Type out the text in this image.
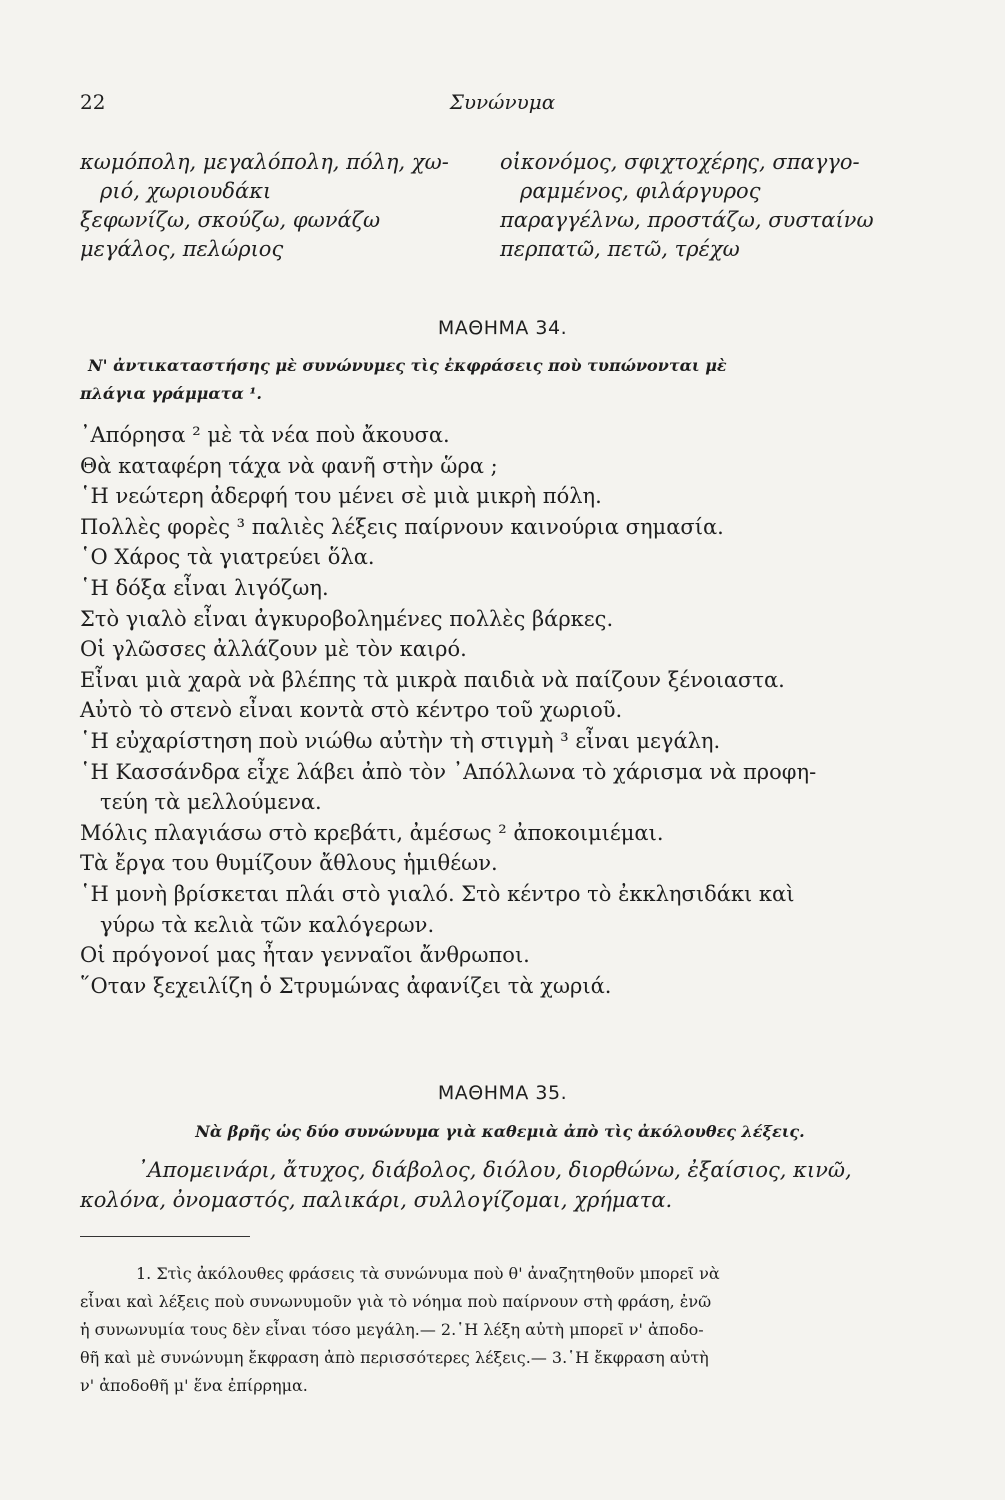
22	Συνώνυμα
κωμόπολη, μεγαλόπολη, πόλη, χω-
ριό, χωριουδάκι
ξεφωνίζω, σκούζω, φωνάζω
μεγάλος, πελώριος
οἰκονόμος, σφιχτοχέρης, σπαγγο-
ραμμένος, φιλάργυρος
παραγγέλνω, προστάζω, συσταίνω
περπατῶ, πετῶ, τρέχω
ΜΑΘΗΜΑ 34.
Ν' ἀντικαταστήσης μὲ συνώνυμες τὶς ἐκφράσεις ποὺ τυπώνονται μὲ
πλάγια γράμματα ¹.
᾿Απόρησα ² μὲ τὰ νέα ποὺ ἄκουσα.
Θὰ καταφέρη τάχα νὰ φανῆ στὴν ὥρα ;
῾Η νεώτερη ἀδερφή του μένει σὲ μιὰ μικρὴ πόλη.
Πολλὲς φορὲς ³ παλιὲς λέξεις παίρνουν καινούρια σημασία.
῾Ο Χάρος τὰ γιατρεύει ὅλα.
῾Η δόξα εἶναι λιγόζωη.
Στὸ γιαλὸ εἶναι ἀγκυροβολημένες πολλὲς βάρκες.
Οἱ γλῶσσες ἀλλάζουν μὲ τὸν καιρό.
Εἶναι μιὰ χαρὰ νὰ βλέπης τὰ μικρὰ παιδιὰ νὰ παίζουν ξένοιαστα.
Αὐτὸ τὸ στενὸ εἶναι κοντὰ στὸ κέντρο τοῦ χωριοῦ.
῾Η εὐχαρίστηση ποὺ νιώθω αὐτὴν τὴ στιγμὴ ³ εἶναι μεγάλη.
῾Η Κασσάνδρα εἶχε λάβει ἀπὸ τὸν ᾿Απόλλωνα τὸ χάρισμα νὰ προφη-
τεύη τὰ μελλούμενα.
Μόλις πλαγιάσω στὸ κρεβάτι, ἀμέσως ² ἀποκοιμιέμαι.
Τὰ ἔργα του θυμίζουν ἄθλους ἡμιθέων.
῾Η μονὴ βρίσκεται πλάι στὸ γιαλό. Στὸ κέντρο τὸ ἐκκλησιδάκι καὶ
γύρω τὰ κελιὰ τῶν καλόγερων.
Οἱ πρόγονοί μας ἦταν γενναῖοι ἄνθρωποι.
῞Οταν ξεχειλίζη ὁ Στρυμώνας ἀφανίζει τὰ χωριά.
ΜΑΘΗΜΑ 35.
Νὰ βρῆς ὡς δύο συνώνυμα γιὰ καθεμιὰ ἀπὸ τὶς ἀκόλουθες λέξεις.
᾿Απομεινάρι, ἄτυχος, διάβολος, διόλου, διορθώνω, ἐξαίσιος, κινῶ,
κολόνα, ὀνομαστός, παλικάρι, συλλογίζομαι, χρήματα.
1. Στὶς ἀκόλουθες φράσεις τὰ συνώνυμα ποὺ θ' ἀναζητηθοῦν μπορεῖ νὰ
εἶναι καὶ λέξεις ποὺ συνωνυμοῦν γιὰ τὸ νόημα ποὺ παίρνουν στὴ φράση, ἐνῶ
ἡ συνωνυμία τους δὲν εἶναι τόσο μεγάλη.— 2.῾Η λέξη αὐτὴ μπορεῖ ν' ἀποδο-
θῆ καὶ μὲ συνώνυμη ἔκφραση ἀπὸ περισσότερες λέξεις.— 3.῾Η ἔκφραση αὐτὴ
ν' ἀποδοθῆ μ' ἕνα ἐπίρρημα.
